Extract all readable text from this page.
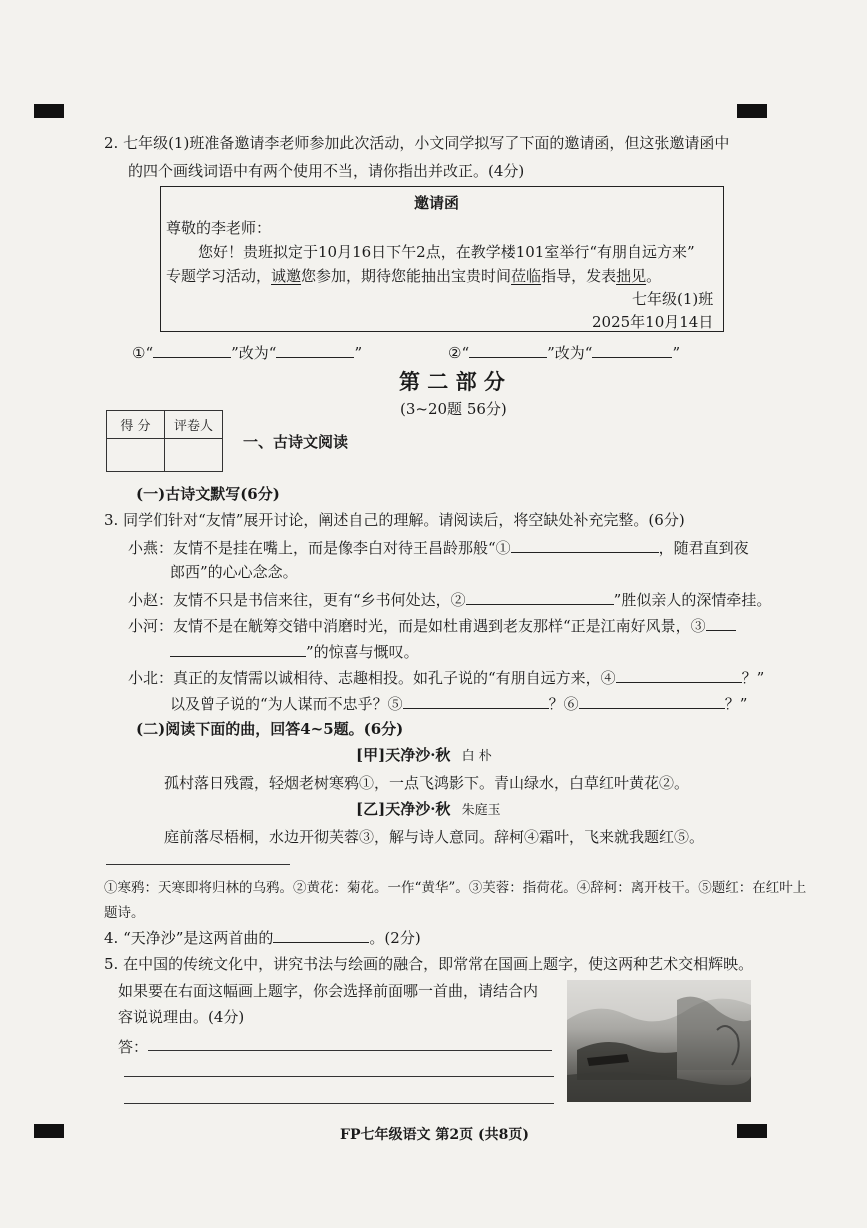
2. 七年级(1)班准备邀请李老师参加此次活动，小文同学拟写了下面的邀请函，但这张邀请函中
的四个画线词语中有两个使用不当，请你指出并改正。(4分)
邀请函
尊敬的李老师：
您好！贵班拟定于10月16日下午2点，在教学楼101室举行“有朋自远方来”
专题学习活动，诚邀您参加，期待您能抽出宝贵时间莅临指导，发表拙见。
七年级(1)班
2025年10月14日
①“	”改为“	”	②“	”改为“	”
第 二 部 分
(3~20题 56分)
得 分	评卷人

一、古诗文阅读
(一)古诗文默写(6分)
3. 同学们针对“友情”展开讨论，阐述自己的理解。请阅读后，将空缺处补充完整。(6分)
小燕：友情不是挂在嘴上，而是像李白对待王昌龄那般“①	，随君直到夜
郎西”的心心念念。
小赵：友情不只是书信来往，更有“乡书何处达，②	”胜似亲人的深情牵挂。
小河：友情不是在觥筹交错中消磨时光，而是如杜甫遇到老友那样“正是江南好风景，③
”的惊喜与慨叹。
小北：真正的友情需以诚相待、志趣相投。如孔子说的“有朋自远方来，④	？”
以及曾子说的“为人谋而不忠乎？⑤	？⑥	？”
(二)阅读下面的曲，回答4~5题。(6分)
[甲]天净沙·秋 白 朴
孤村落日残霞，轻烟老树寒鸦①，一点飞鸿影下。青山绿水，白草红叶黄花②。
[乙]天净沙·秋 朱庭玉
庭前落尽梧桐，水边开彻芙蓉③，解与诗人意同。辞柯④霜叶，飞来就我题红⑤。
①寒鸦：天寒即将归林的乌鸦。②黄花：菊花。一作“黄华”。③芙蓉：指荷花。④辞柯：离开枝干。⑤题红：在红叶上
题诗。
4. “天净沙”是这两首曲的	。(2分)
5. 在中国的传统文化中，讲究书法与绘画的融合，即常常在国画上题字，使这两种艺术交相辉映。
如果要在右面这幅画上题字，你会选择前面哪一首曲，请结合内
容说说理由。(4分)
答：
FP七年级语文 第2页 (共8页)
